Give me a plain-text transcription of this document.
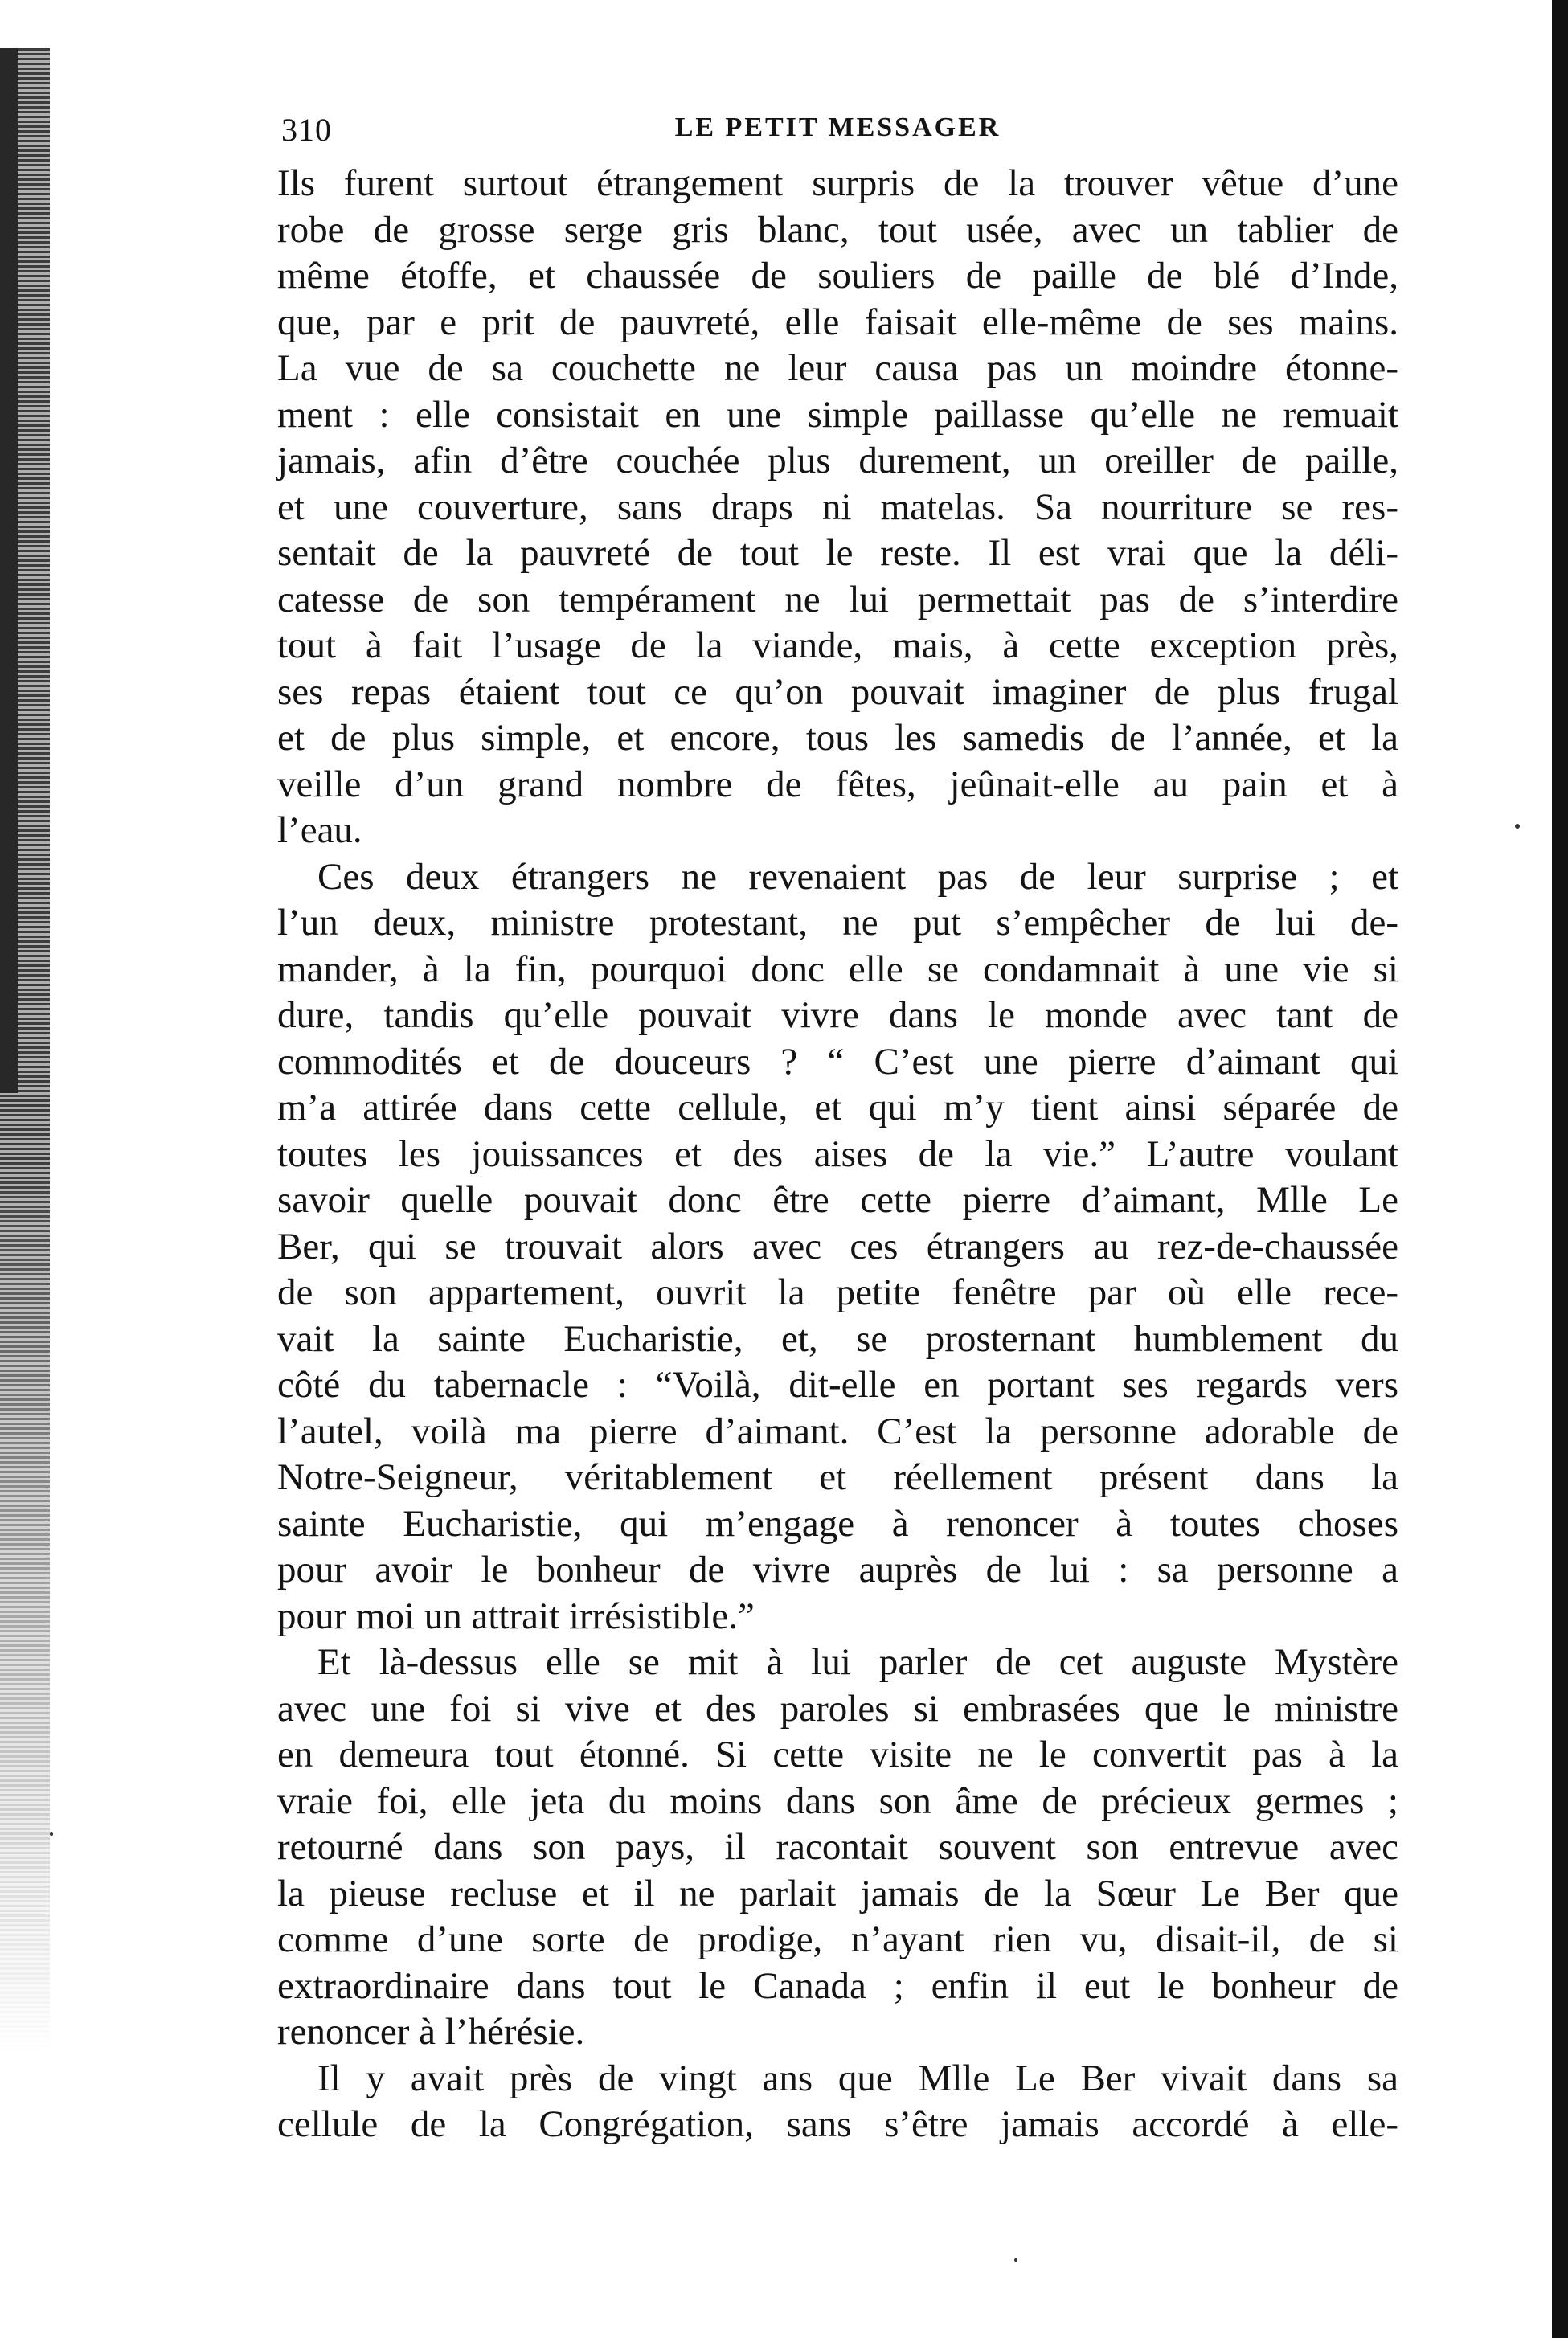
310	LE PETIT MESSAGER
Ils furent surtout étrangement surpris de la trouver vêtue d’une
robe de grosse serge gris blanc, tout usée, avec un tablier de
même étoffe, et chaussée de souliers de paille de blé d’Inde,
que, par e prit de pauvreté, elle faisait elle-même de ses mains.
La vue de sa couchette ne leur causa pas un moindre étonne-
ment : elle consistait en une simple paillasse qu’elle ne remuait
jamais, afin d’être couchée plus durement, un oreiller de paille,
et une couverture, sans draps ni matelas. Sa nourriture se res-
sentait de la pauvreté de tout le reste. Il est vrai que la déli-
catesse de son tempérament ne lui permettait pas de s’interdire
tout à fait l’usage de la viande, mais, à cette exception près,
ses repas étaient tout ce qu’on pouvait imaginer de plus frugal
et de plus simple, et encore, tous les samedis de l’année, et la
veille d’un grand nombre de fêtes, jeûnait-elle au pain et à
l’eau.
Ces deux étrangers ne revenaient pas de leur surprise ; et
l’un deux, ministre protestant, ne put s’empêcher de lui de-
mander, à la fin, pourquoi donc elle se condamnait à une vie si
dure, tandis qu’elle pouvait vivre dans le monde avec tant de
commodités et de douceurs ? “ C’est une pierre d’aimant qui
m’a attirée dans cette cellule, et qui m’y tient ainsi séparée de
toutes les jouissances et des aises de la vie.” L’autre voulant
savoir quelle pouvait donc être cette pierre d’aimant, Mlle Le
Ber, qui se trouvait alors avec ces étrangers au rez-de-chaussée
de son appartement, ouvrit la petite fenêtre par où elle rece-
vait la sainte Eucharistie, et, se prosternant humblement du
côté du tabernacle : “Voilà, dit-elle en portant ses regards vers
l’autel, voilà ma pierre d’aimant. C’est la personne adorable de
Notre-Seigneur, véritablement et réellement présent dans la
sainte Eucharistie, qui m’engage à renoncer à toutes choses
pour avoir le bonheur de vivre auprès de lui : sa personne a
pour moi un attrait irrésistible.”
Et là-dessus elle se mit à lui parler de cet auguste Mystère
avec une foi si vive et des paroles si embrasées que le ministre
en demeura tout étonné. Si cette visite ne le convertit pas à la
vraie foi, elle jeta du moins dans son âme de précieux germes ;
retourné dans son pays, il racontait souvent son entrevue avec
la pieuse recluse et il ne parlait jamais de la Sœur Le Ber que
comme d’une sorte de prodige, n’ayant rien vu, disait-il, de si
extraordinaire dans tout le Canada ; enfin il eut le bonheur de
renoncer à l’hérésie.
Il y avait près de vingt ans que Mlle Le Ber vivait dans sa
cellule de la Congrégation, sans s’être jamais accordé à elle-
